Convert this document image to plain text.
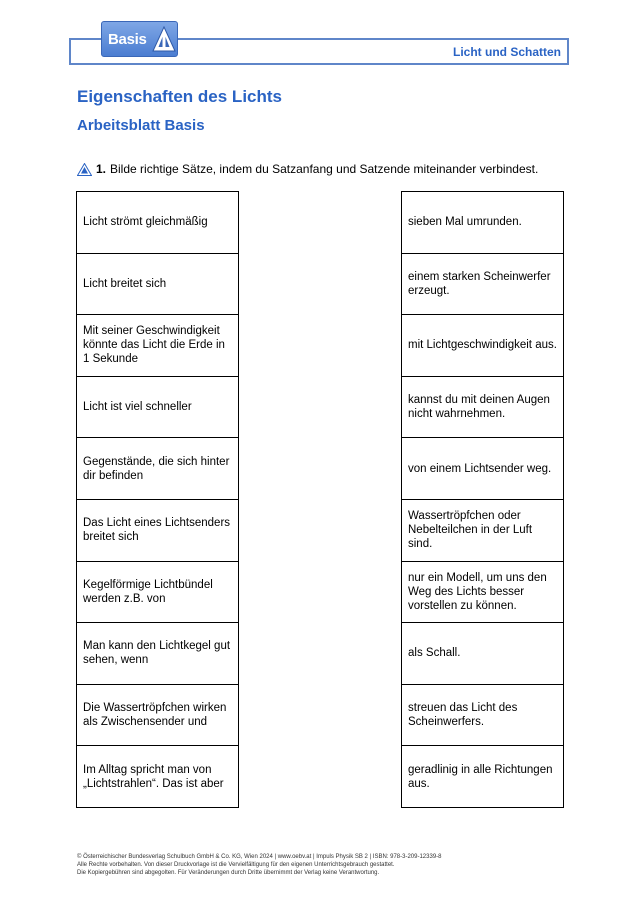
Licht und Schatten
Basis
Eigenschaften des Lichts
Arbeitsblatt Basis
1. Bilde richtige Sätze, indem du Satzanfang und Satzende miteinander verbindest.
Licht strömt gleichmäßig
Licht breitet sich
Mit seiner Geschwindigkeit könnte das Licht die Erde in 1 Sekunde
Licht ist viel schneller
Gegenstände, die sich hinter dir befinden
Das Licht eines Lichtsenders breitet sich
Kegelförmige Lichtbündel werden z.B. von
Man kann den Lichtkegel gut sehen, wenn
Die Wassertröpfchen wirken als Zwischensender und
Im Alltag spricht man von „Lichtstrahlen“. Das ist aber
sieben Mal umrunden.
einem starken Scheinwerfer erzeugt.
mit Lichtgeschwindigkeit aus.
kannst du mit deinen Augen nicht wahrnehmen.
von einem Lichtsender weg.
Wassertröpfchen oder Nebelteilchen in der Luft sind.
nur ein Modell, um uns den Weg des Lichts besser vorstellen zu können.
als Schall.
streuen das Licht des Scheinwerfers.
geradlinig in alle Richtungen aus.
© Österreichischer Bundesverlag Schulbuch GmbH & Co. KG, Wien 2024 | www.oebv.at | Impuls Physik SB 2 | ISBN: 978-3-209-12339-8
Alle Rechte vorbehalten. Von dieser Druckvorlage ist die Vervielfältigung für den eigenen Unterrichtsgebrauch gestattet.
Die Kopiergebühren sind abgegolten. Für Veränderungen durch Dritte übernimmt der Verlag keine Verantwortung.
